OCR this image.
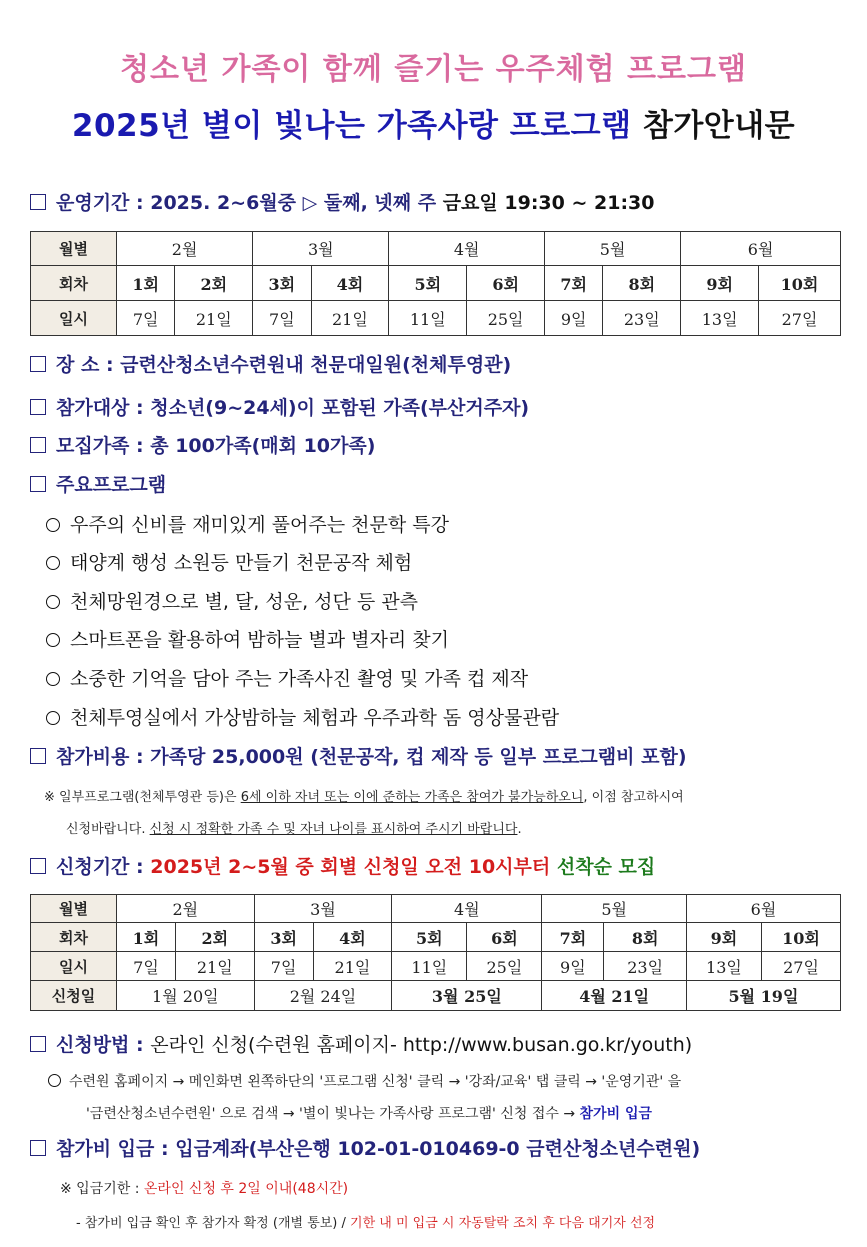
청소년 가족이 함께 즐기는 우주체험 프로그램
2025년 별이 빛나는 가족사랑 프로그램 참가안내문
운영기간 : 2025. 2~6월중 ▷ 둘째, 넷째 주 금요일 19:30 ~ 21:30
월별	2월		3월		4월		5월		6월	
회차	1회	2회	3회	4회	5회	6회	7회	8회	9회	10회
일시	7일	21일	7일	21일	11일	25일	9일	23일	13일	27일
장 소 : 금련산청소년수련원내 천문대일원(천체투영관)
참가대상 : 청소년(9~24세)이 포함된 가족(부산거주자)
모집가족 : 총 100가족(매회 10가족)
주요프로그램
우주의 신비를 재미있게 풀어주는 천문학 특강
태양계 행성 소원등 만들기 천문공작 체험
천체망원경으로 별, 달, 성운, 성단 등 관측
스마트폰을 활용하여 밤하늘 별과 별자리 찾기
소중한 기억을 담아 주는 가족사진 촬영 및 가족 컵 제작
천체투영실에서 가상밤하늘 체험과 우주과학 돔 영상물관람
참가비용 : 가족당 25,000원 (천문공작, 컵 제작 등 일부 프로그램비 포함)
※ 일부프로그램(천체투영관 등)은 6세 이하 자녀 또는 이에 준하는 가족은 참여가 불가능하오니, 이점 참고하시여
신청바랍니다. 신청 시 정확한 가족 수 및 자녀 나이를 표시하여 주시기 바랍니다.
신청기간 : 2025년 2~5월 중 회별 신청일 오전 10시부터 선착순 모집
월별	2월		3월		4월		5월		6월	
회차	1회	2회	3회	4회	5회	6회	7회	8회	9회	10회
일시	7일	21일	7일	21일	11일	25일	9일	23일	13일	27일
신청일	1월 20일		2월 24일		3월 25일		4월 21일		5월 19일	
신청방법 : 온라인 신청(수련원 홈페이지- http://www.busan.go.kr/youth)
수련원 홈페이지 → 메인화면 왼쪽하단의 '프로그램 신청' 클릭 → '강좌/교육' 탭 클릭 → '운영기관' 을
'금련산청소년수련원' 으로 검색 → '별이 빛나는 가족사랑 프로그램' 신청 접수 → 참가비 입금
참가비 입금 : 입금계좌(부산은행 102-01-010469-0 금련산청소년수련원)
※ 입금기한 : 온라인 신청 후 2일 이내(48시간)
- 참가비 입금 확인 후 참가자 확정 (개별 통보) / 기한 내 미 입금 시 자동탈락 조치 후 다음 대기자 선정
